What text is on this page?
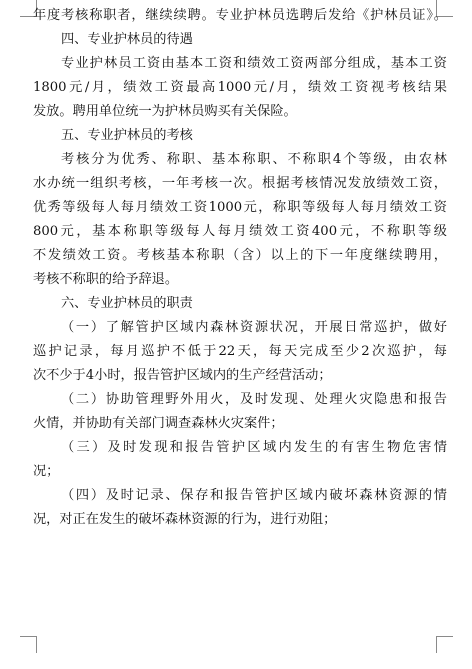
年度考核称职者，继续续聘。专业护林员选聘后发给《护林员证》。
四、专业护林员的待遇
专业护林员工资由基本工资和绩效工资两部分组成，基本工资
1800元/月，绩效工资最高1000元/月，绩效工资视考核结果
发放。聘用单位统一为护林员购买有关保险。
五、专业护林员的考核
考核分为优秀、称职、基本称职、不称职4个等级，由农林
水办统一组织考核，一年考核一次。根据考核情况发放绩效工资，
优秀等级每人每月绩效工资1000元，称职等级每人每月绩效工资
800元，基本称职等级每人每月绩效工资400元，不称职等级
不发绩效工资。考核基本称职（含）以上的下一年度继续聘用，
考核不称职的给予辞退。
六、专业护林员的职责
（一）了解管护区域内森林资源状况，开展日常巡护，做好
巡护记录，每月巡护不低于22天，每天完成至少2次巡护，每
次不少于4小时，报告管护区域内的生产经营活动；
（二）协助管理野外用火，及时发现、处理火灾隐患和报告
火情，并协助有关部门调查森林火灾案件；
（三）及时发现和报告管护区域内发生的有害生物危害情
况；
（四）及时记录、保存和报告管护区域内破坏森林资源的情
况，对正在发生的破坏森林资源的行为，进行劝阻；
